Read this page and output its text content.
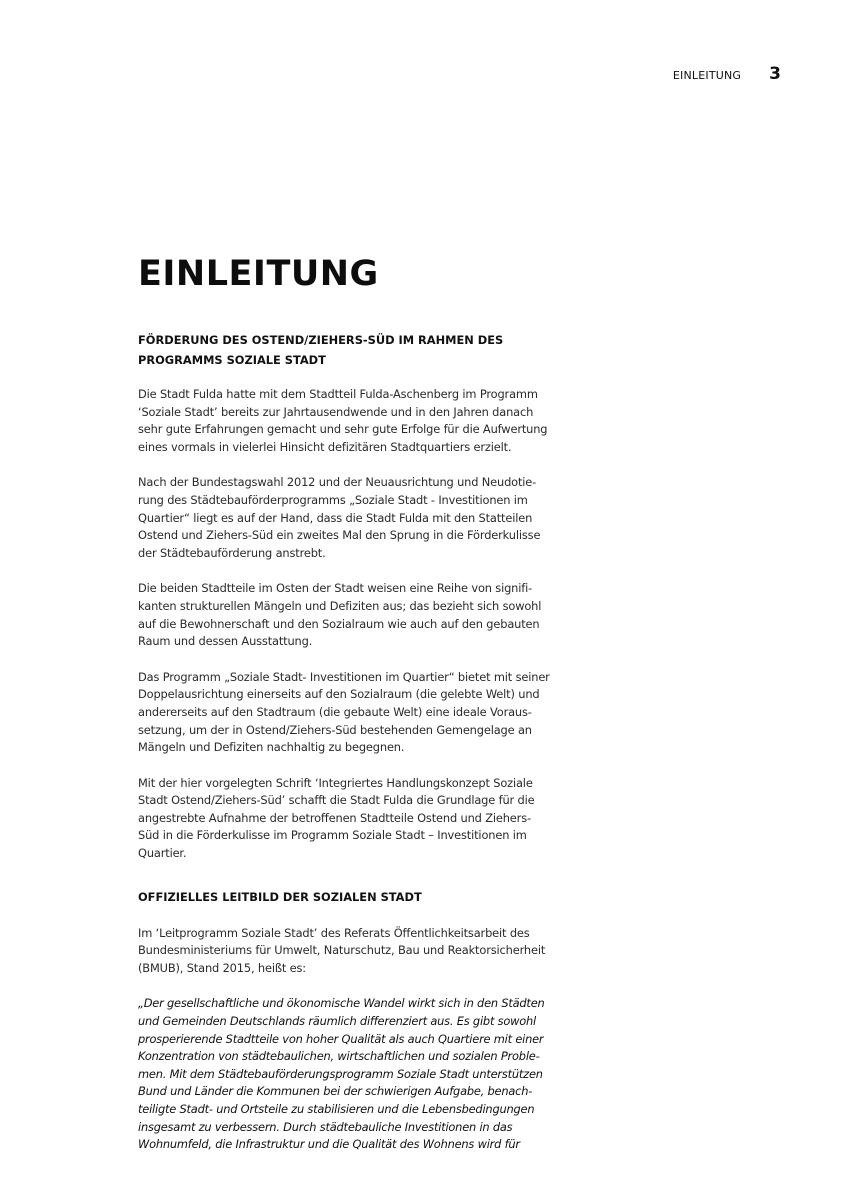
EINLEITUNG 3
EINLEITUNG
FÖRDERUNG DES OSTEND/ZIEHERS-SÜD IM RAHMEN DES
PROGRAMMS SOZIALE STADT

Die Stadt Fulda hatte mit dem Stadtteil Fulda-Aschenberg im Programm
‘Soziale Stadt’ bereits zur Jahrtausendwende und in den Jahren danach
sehr gute Erfahrungen gemacht und sehr gute Erfolge für die Aufwertung
eines vormals in vielerlei Hinsicht defizitären Stadtquartiers erzielt.

Nach der Bundestagswahl 2012 und der Neuausrichtung und Neudotie-
rung des Städtebauförderprogramms „Soziale Stadt - Investitionen im
Quartier“ liegt es auf der Hand, dass die Stadt Fulda mit den Statteilen
Ostend und Ziehers-Süd ein zweites Mal den Sprung in die Förderkulisse
der Städtebauförderung anstrebt.

Die beiden Stadtteile im Osten der Stadt weisen eine Reihe von signifi-
kanten strukturellen Mängeln und Defiziten aus; das bezieht sich sowohl
auf die Bewohnerschaft und den Sozialraum wie auch auf den gebauten
Raum und dessen Ausstattung.

Das Programm „Soziale Stadt- Investitionen im Quartier“ bietet mit seiner
Doppelausrichtung einerseits auf den Sozialraum (die gelebte Welt) und
andererseits auf den Stadtraum (die gebaute Welt) eine ideale Voraus-
setzung, um der in Ostend/Ziehers-Süd bestehenden Gemengelage an
Mängeln und Defiziten nachhaltig zu begegnen.

Mit der hier vorgelegten Schrift ‘Integriertes Handlungskonzept Soziale
Stadt Ostend/Ziehers-Süd’ schafft die Stadt Fulda die Grundlage für die
angestrebte Aufnahme der betroffenen Stadtteile Ostend und Ziehers-
Süd in die Förderkulisse im Programm Soziale Stadt – Investitionen im
Quartier.

OFFIZIELLES LEITBILD DER SOZIALEN STADT

Im ‘Leitprogramm Soziale Stadt’ des Referats Öffentlichkeitsarbeit des
Bundesministeriums für Umwelt, Naturschutz, Bau und Reaktorsicherheit
(BMUB), Stand 2015, heißt es:

„Der gesellschaftliche und ökonomische Wandel wirkt sich in den Städten
und Gemeinden Deutschlands räumlich differenziert aus. Es gibt sowohl
prosperierende Stadtteile von hoher Qualität als auch Quartiere mit einer
Konzentration von städtebaulichen, wirtschaftlichen und sozialen Proble-
men. Mit dem Städtebauförderungsprogramm Soziale Stadt unterstützen
Bund und Länder die Kommunen bei der schwierigen Aufgabe, benach-
teiligte Stadt- und Ortsteile zu stabilisieren und die Lebensbedingungen
insgesamt zu verbessern. Durch städtebauliche Investitionen in das
Wohnumfeld, die Infrastruktur und die Qualität des Wohnens wird für
